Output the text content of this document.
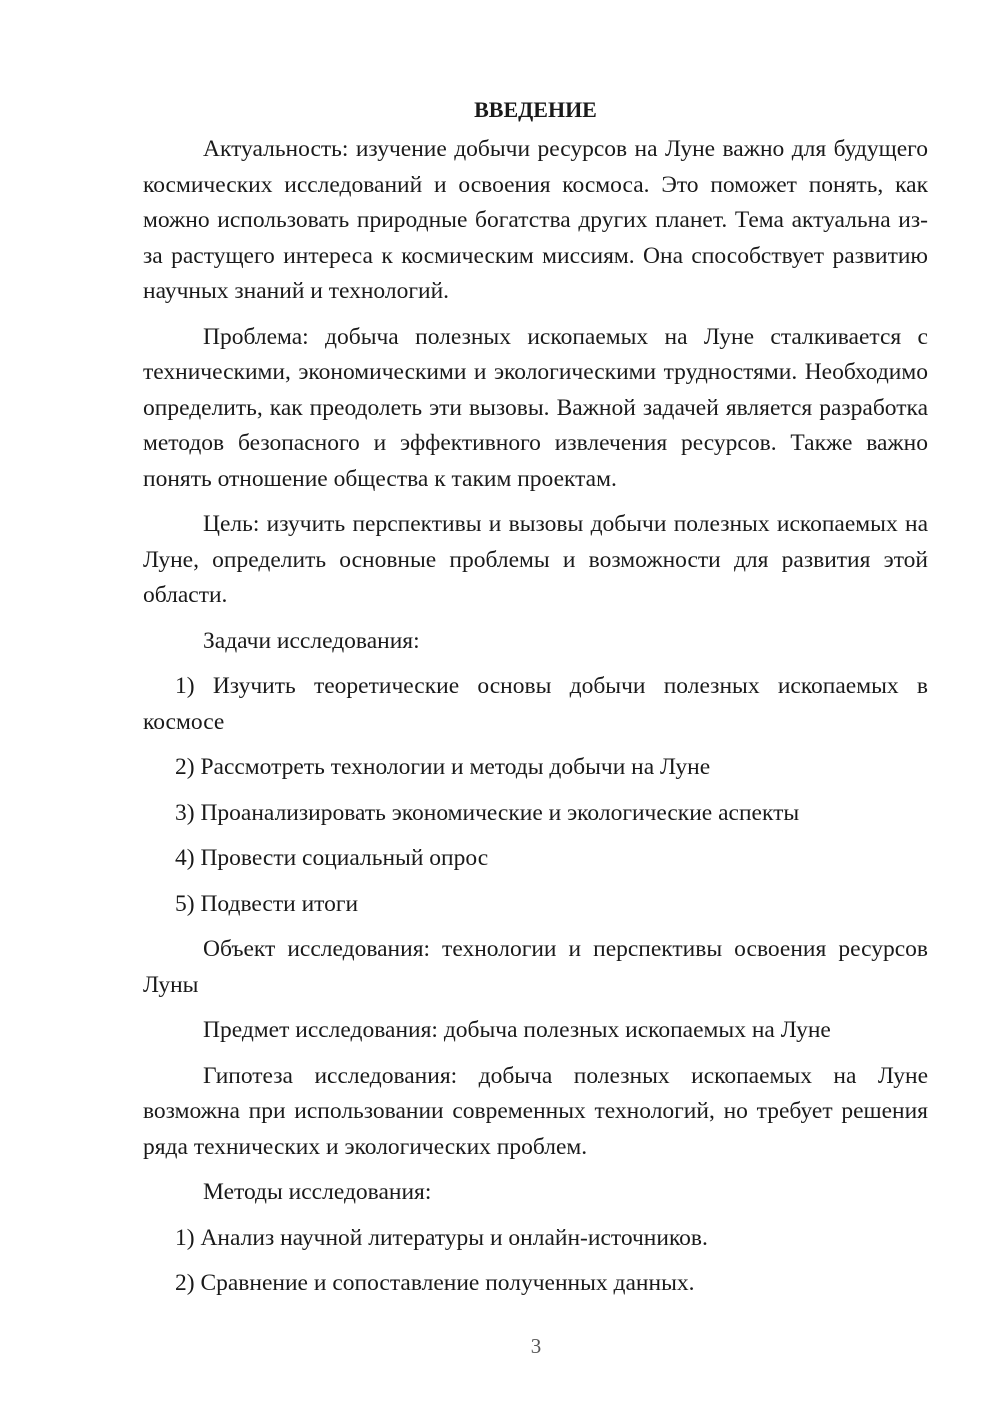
ВВЕДЕНИЕ

Актуальность: изучение добычи ресурсов на Луне важно для будущего космических исследований и освоения космоса. Это поможет понять, как можно использовать природные богатства других планет. Тема актуальна из-за растущего интереса к космическим миссиям. Она способствует развитию научных знаний и технологий.

Проблема: добыча полезных ископаемых на Луне сталкивается с техническими, экономическими и экологическими трудностями. Необходимо определить, как преодолеть эти вызовы. Важной задачей является разработка методов безопасного и эффективного извлечения ресурсов. Также важно понять отношение общества к таким проектам.

Цель: изучить перспективы и вызовы добычи полезных ископаемых на Луне, определить основные проблемы и возможности для развития этой области.

Задачи исследования:

1) Изучить теоретические основы добычи полезных ископаемых в космосе

2) Рассмотреть технологии и методы добычи на Луне

3) Проанализировать экономические и экологические аспекты

4) Провести социальный опрос

5) Подвести итоги

Объект исследования: технологии и перспективы освоения ресурсов Луны

Предмет исследования: добыча полезных ископаемых на Луне

Гипотеза исследования: добыча полезных ископаемых на Луне возможна при использовании современных технологий, но требует решения ряда технических и экологических проблем.

Методы исследования:

1) Анализ научной литературы и онлайн-источников.

2) Сравнение и сопоставление полученных данных.

3
